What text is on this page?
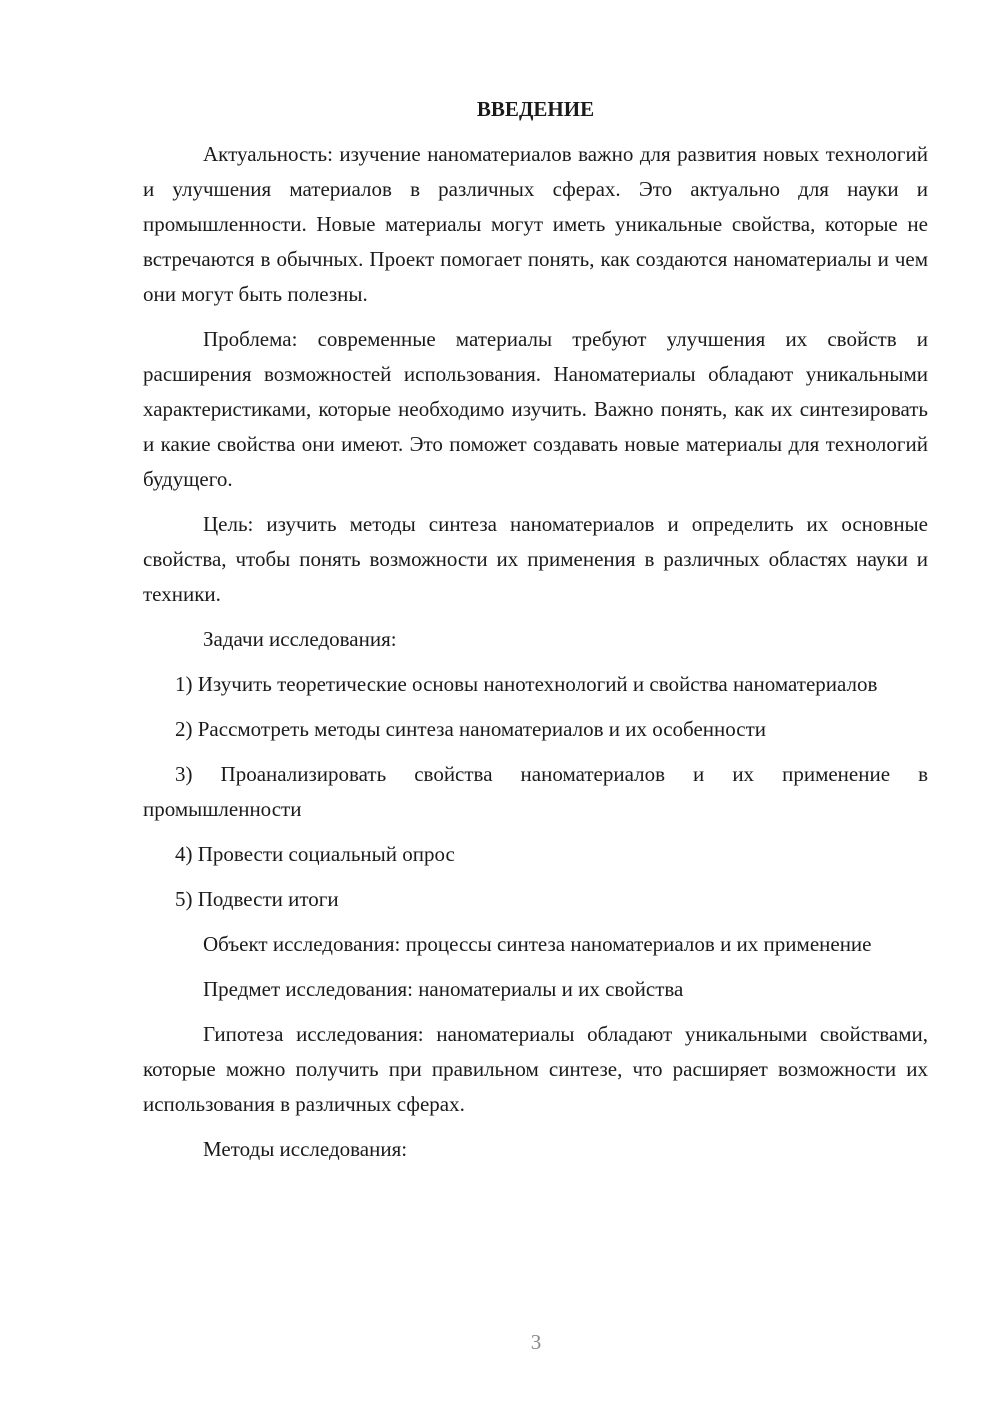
ВВЕДЕНИЕ

Актуальность: изучение наноматериалов важно для развития новых технологий и улучшения материалов в различных сферах. Это актуально для науки и промышленности. Новые материалы могут иметь уникальные свойства, которые не встречаются в обычных. Проект помогает понять, как создаются наноматериалы и чем они могут быть полезны.

Проблема: современные материалы требуют улучшения их свойств и расширения возможностей использования. Наноматериалы обладают уникальными характеристиками, которые необходимо изучить. Важно понять, как их синтезировать и какие свойства они имеют. Это поможет создавать новые материалы для технологий будущего.

Цель: изучить методы синтеза наноматериалов и определить их основные свойства, чтобы понять возможности их применения в различных областях науки и техники.

Задачи исследования:

1) Изучить теоретические основы нанотехнологий и свойства наноматериалов

2) Рассмотреть методы синтеза наноматериалов и их особенности

3) Проанализировать свойства наноматериалов и их применение в промышленности

4) Провести социальный опрос

5) Подвести итоги

Объект исследования: процессы синтеза наноматериалов и их применение

Предмет исследования: наноматериалы и их свойства

Гипотеза исследования: наноматериалы обладают уникальными свойствами, которые можно получить при правильном синтезе, что расширяет возможности их использования в различных сферах.

Методы исследования:

3
